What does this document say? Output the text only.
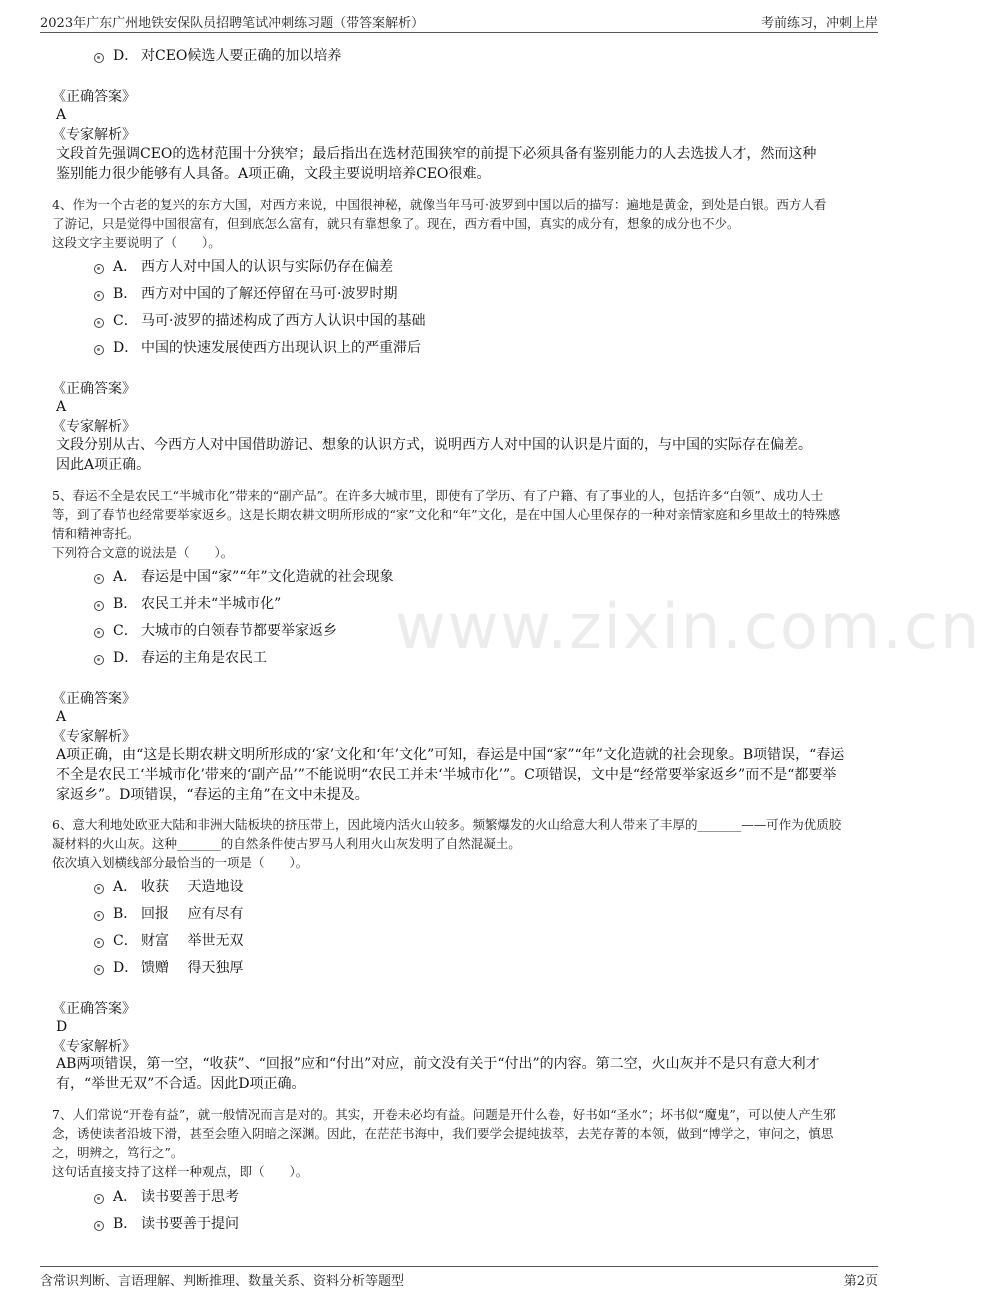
2023年广东广州地铁安保队员招聘笔试冲刺练习题（带答案解析）	考前练习，冲刺上岸
www.zixin.com.cn
D． 对CEO候选人要正确的加以培养
《正确答案》
A
《专家解析》
文段首先强调CEO的选材范围十分狭窄；最后指出在选材范围狭窄的前提下必须具备有鉴别能力的人去选拔人才，然而这种
鉴别能力很少能够有人具备。A项正确，文段主要说明培养CEO很难。
4、作为一个古老的复兴的东方大国，对西方来说，中国很神秘，就像当年马可·波罗到中国以后的描写：遍地是黄金，到处是白银。西方人看
了游记，只是觉得中国很富有，但到底怎么富有，就只有靠想象了。现在，西方看中国，真实的成分有，想象的成分也不少。
这段文字主要说明了（　　）。
A． 西方人对中国人的认识与实际仍存在偏差
B． 西方对中国的了解还停留在马可·波罗时期
C． 马可·波罗的描述构成了西方人认识中国的基础
D． 中国的快速发展使西方出现认识上的严重滞后
《正确答案》
A
《专家解析》
文段分别从古、今西方人对中国借助游记、想象的认识方式，说明西方人对中国的认识是片面的，与中国的实际存在偏差。
因此A项正确。
5、春运不全是农民工“半城市化”带来的“副产品”。在许多大城市里，即使有了学历、有了户籍、有了事业的人，包括许多“白领”、成功人士
等，到了春节也经常要举家返乡。这是长期农耕文明所形成的“家”文化和“年”文化，是在中国人心里保存的一种对亲情家庭和乡里故土的特殊感
情和精神寄托。
下列符合文意的说法是（　　）。
A． 春运是中国“家”“年”文化造就的社会现象
B． 农民工并未“半城市化”
C． 大城市的白领春节都要举家返乡
D． 春运的主角是农民工
《正确答案》
A
《专家解析》
A项正确，由“这是长期农耕文明所形成的‘家’文化和‘年’文化”可知，春运是中国“家”“年”文化造就的社会现象。B项错误，“春运
不全是农民工‘半城市化’带来的‘副产品’”不能说明“农民工并未‘半城市化’”。C项错误，文中是“经常要举家返乡”而不是“都要举
家返乡”。D项错误，“春运的主角”在文中未提及。
6、意大利地处欧亚大陆和非洲大陆板块的挤压带上，因此境内活火山较多。频繁爆发的火山给意大利人带来了丰厚的_______——可作为优质胶
凝材料的火山灰。这种_______的自然条件使古罗马人利用火山灰发明了自然混凝土。
依次填入划横线部分最恰当的一项是（　　）。
A． 收获　 天造地设
B． 回报　 应有尽有
C． 财富　 举世无双
D． 馈赠　 得天独厚
《正确答案》
D
《专家解析》
AB两项错误，第一空，“收获”、“回报”应和“付出”对应，前文没有关于“付出”的内容。第二空，火山灰并不是只有意大利才
有，“举世无双”不合适。因此D项正确。
7、人们常说“开卷有益”，就一般情况而言是对的。其实，开卷未必均有益。问题是开什么卷，好书如“圣水”；坏书似“魔鬼”，可以使人产生邪
念，诱使读者沿坡下滑，甚至会堕入阴暗之深渊。因此，在茫茫书海中，我们要学会提纯拔萃，去芜存菁的本领，做到“博学之，审问之，慎思
之，明辨之，笃行之”。
这句话直接支持了这样一种观点，即（　　）。
A． 读书要善于思考
B． 读书要善于提问
含常识判断、言语理解、判断推理、数量关系、资料分析等题型	第2页
